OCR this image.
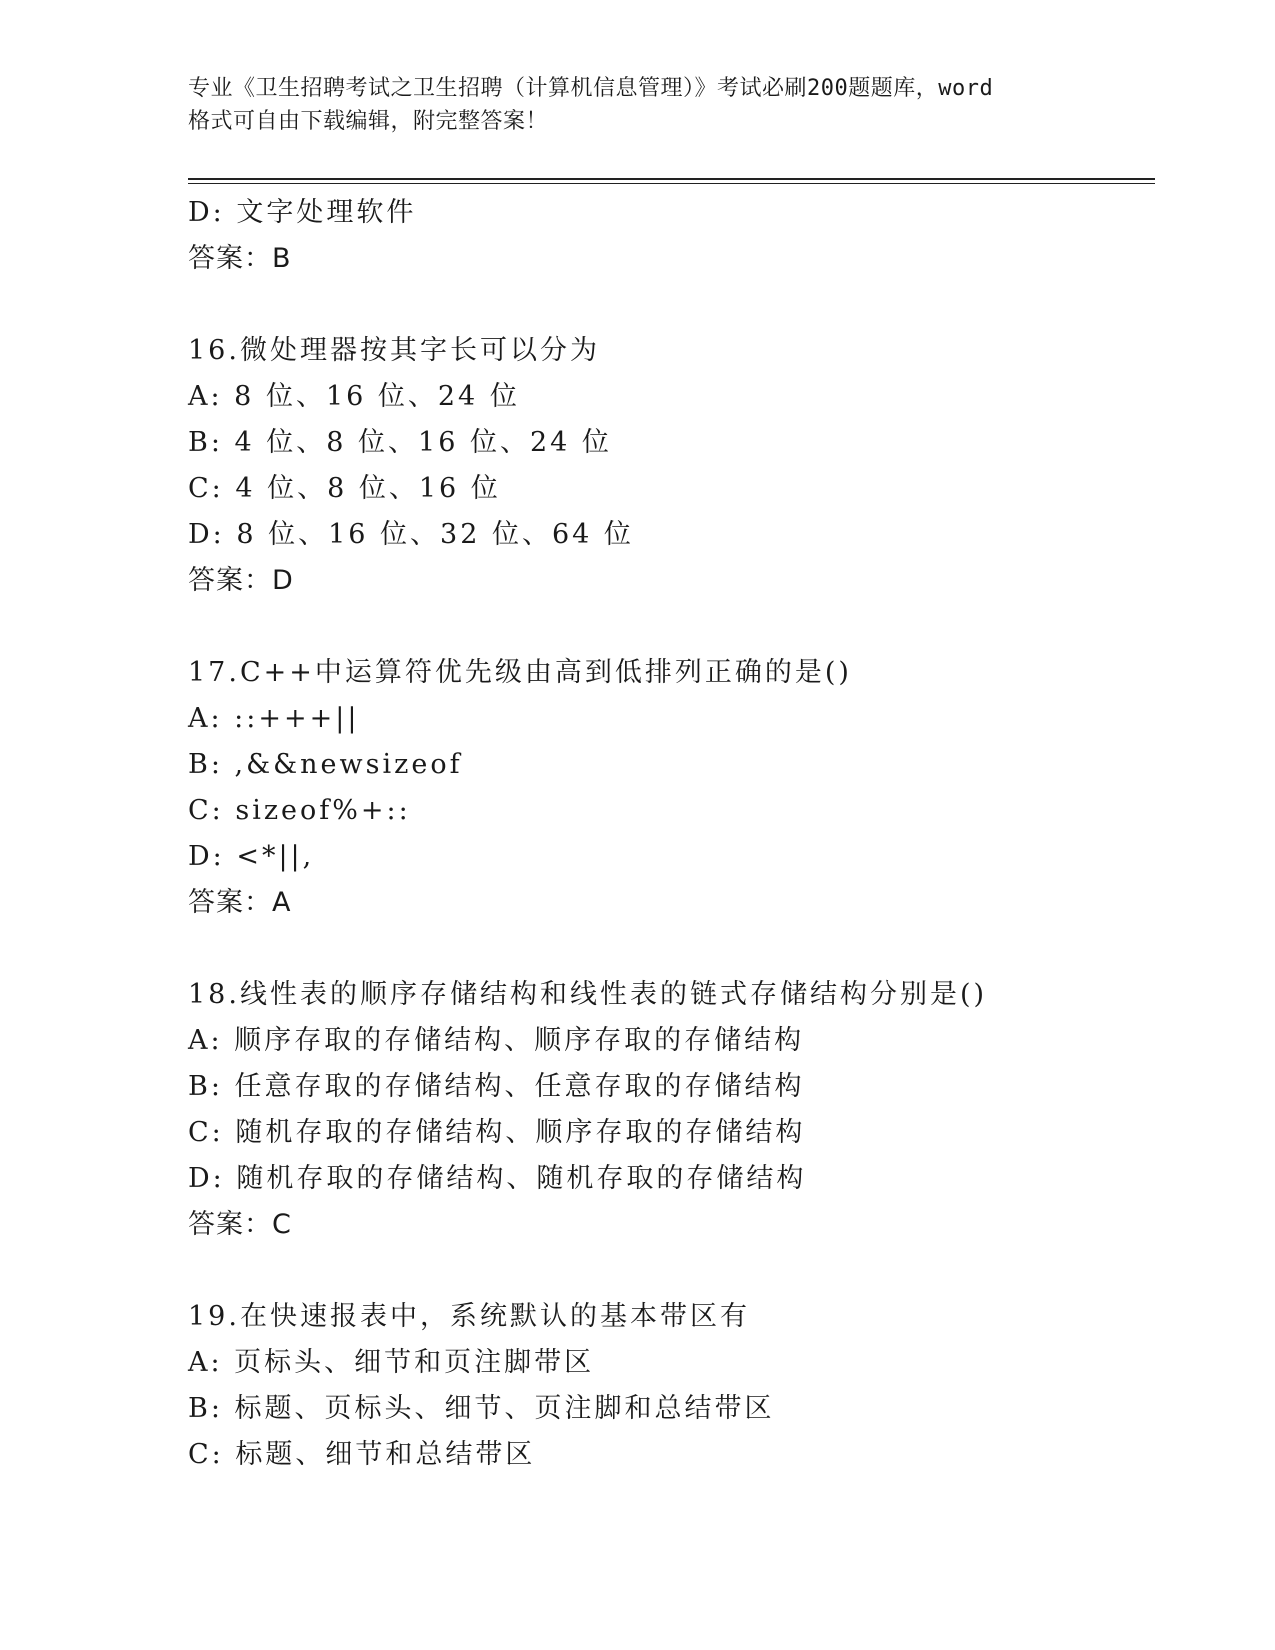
专业《卫生招聘考试之卫生招聘（计算机信息管理）》考试必刷200题题库，word
格式可自由下载编辑，附完整答案！
D: 文字处理软件
答案：B
16.微处理器按其字长可以分为
A: 8 位、16 位、24 位
B: 4 位、8 位、16 位、24 位
C: 4 位、8 位、16 位
D: 8 位、16 位、32 位、64 位
答案：D
17.C++中运算符优先级由高到低排列正确的是()
A: ::+++||
B: ,&&newsizeof
C: sizeof%+::
D: <*||,
答案：A
18.线性表的顺序存储结构和线性表的链式存储结构分别是()
A: 顺序存取的存储结构、顺序存取的存储结构
B: 任意存取的存储结构、任意存取的存储结构
C: 随机存取的存储结构、顺序存取的存储结构
D: 随机存取的存储结构、随机存取的存储结构
答案：C
19.在快速报表中，系统默认的基本带区有
A: 页标头、细节和页注脚带区
B: 标题、页标头、细节、页注脚和总结带区
C: 标题、细节和总结带区
